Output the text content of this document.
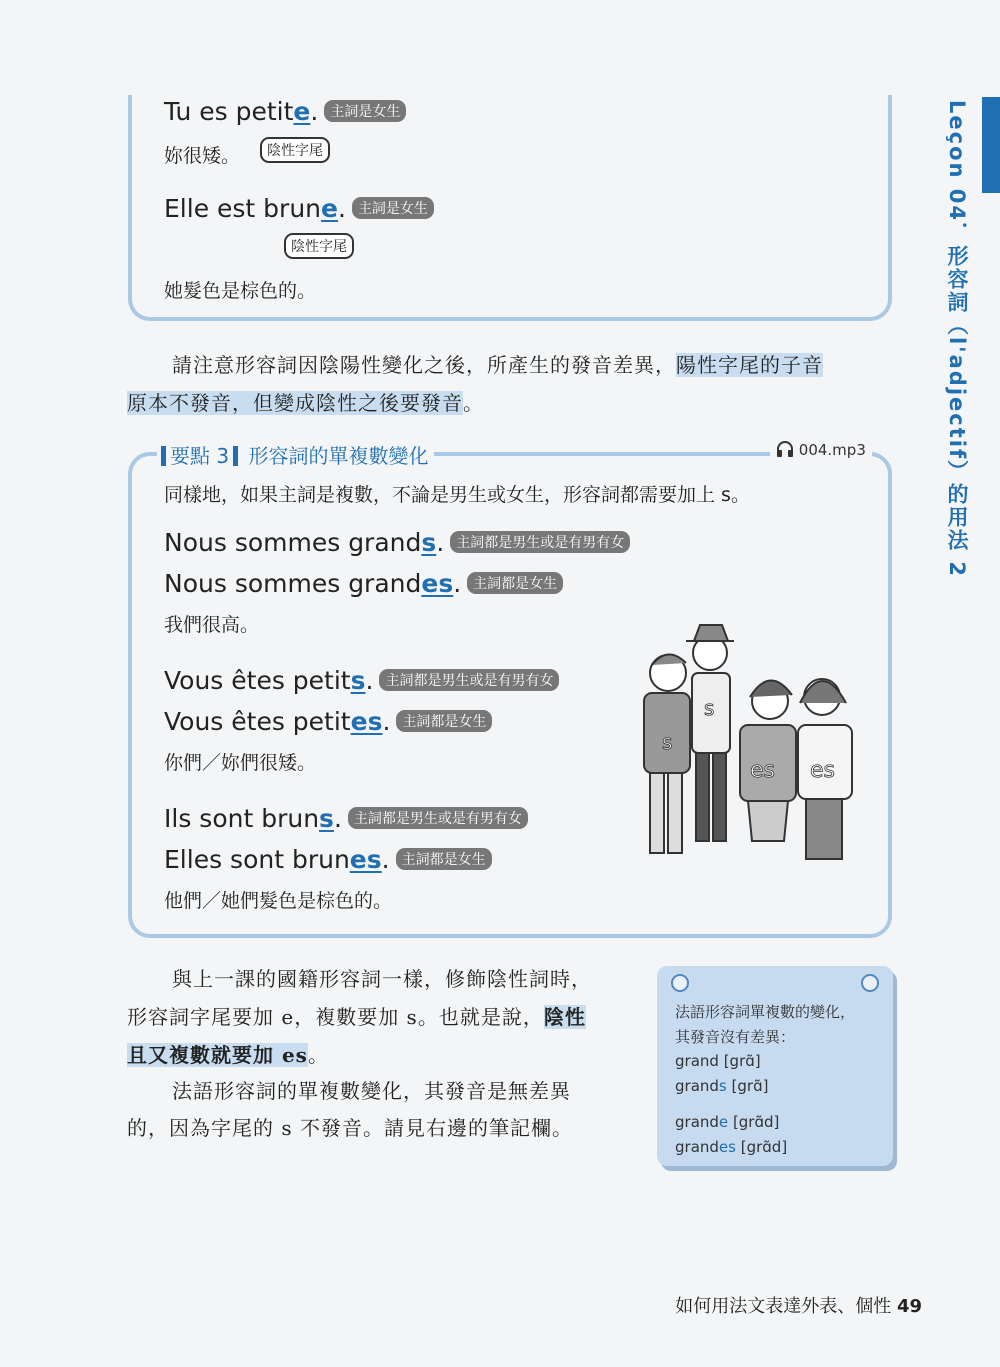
Leçon 04．形容詞（l'adjectif）的用法 2
Tu es petite. 主詞是女生
妳很矮。	陰性字尾
Elle est brune. 主詞是女生
陰性字尾
她髮色是棕色的。
請注意形容詞因陰陽性變化之後，所產生的發音差異，陽性字尾的子音
原本不發音，但變成陰性之後要發音。
要點 3 形容詞的單複數變化	004.mp3
同樣地，如果主詞是複數，不論是男生或女生，形容詞都需要加上 s。
Nous sommes grands. 主詞都是男生或是有男有女
Nous sommes grandes. 主詞都是女生
我們很高。
Vous êtes petits. 主詞都是男生或是有男有女
Vous êtes petites. 主詞都是女生
你們／妳們很矮。
Ils sont bruns. 主詞都是男生或是有男有女
Elles sont brunes. 主詞都是女生
他們／她們髮色是棕色的。
s
s
es es
與上一課的國籍形容詞一樣，修飾陰性詞時，
形容詞字尾要加 e，複數要加 s。也就是說，陰性
且又複數就要加 es。
法語形容詞的單複數變化，其發音是無差異
的，因為字尾的 s 不發音。請見右邊的筆記欄。
法語形容詞單複數的變化，
其發音沒有差異：
grand [grɑ̃]
grands [grɑ̃]
grande [grɑ̃d]
grandes [grɑ̃d]
如何用法文表達外表、個性 49
